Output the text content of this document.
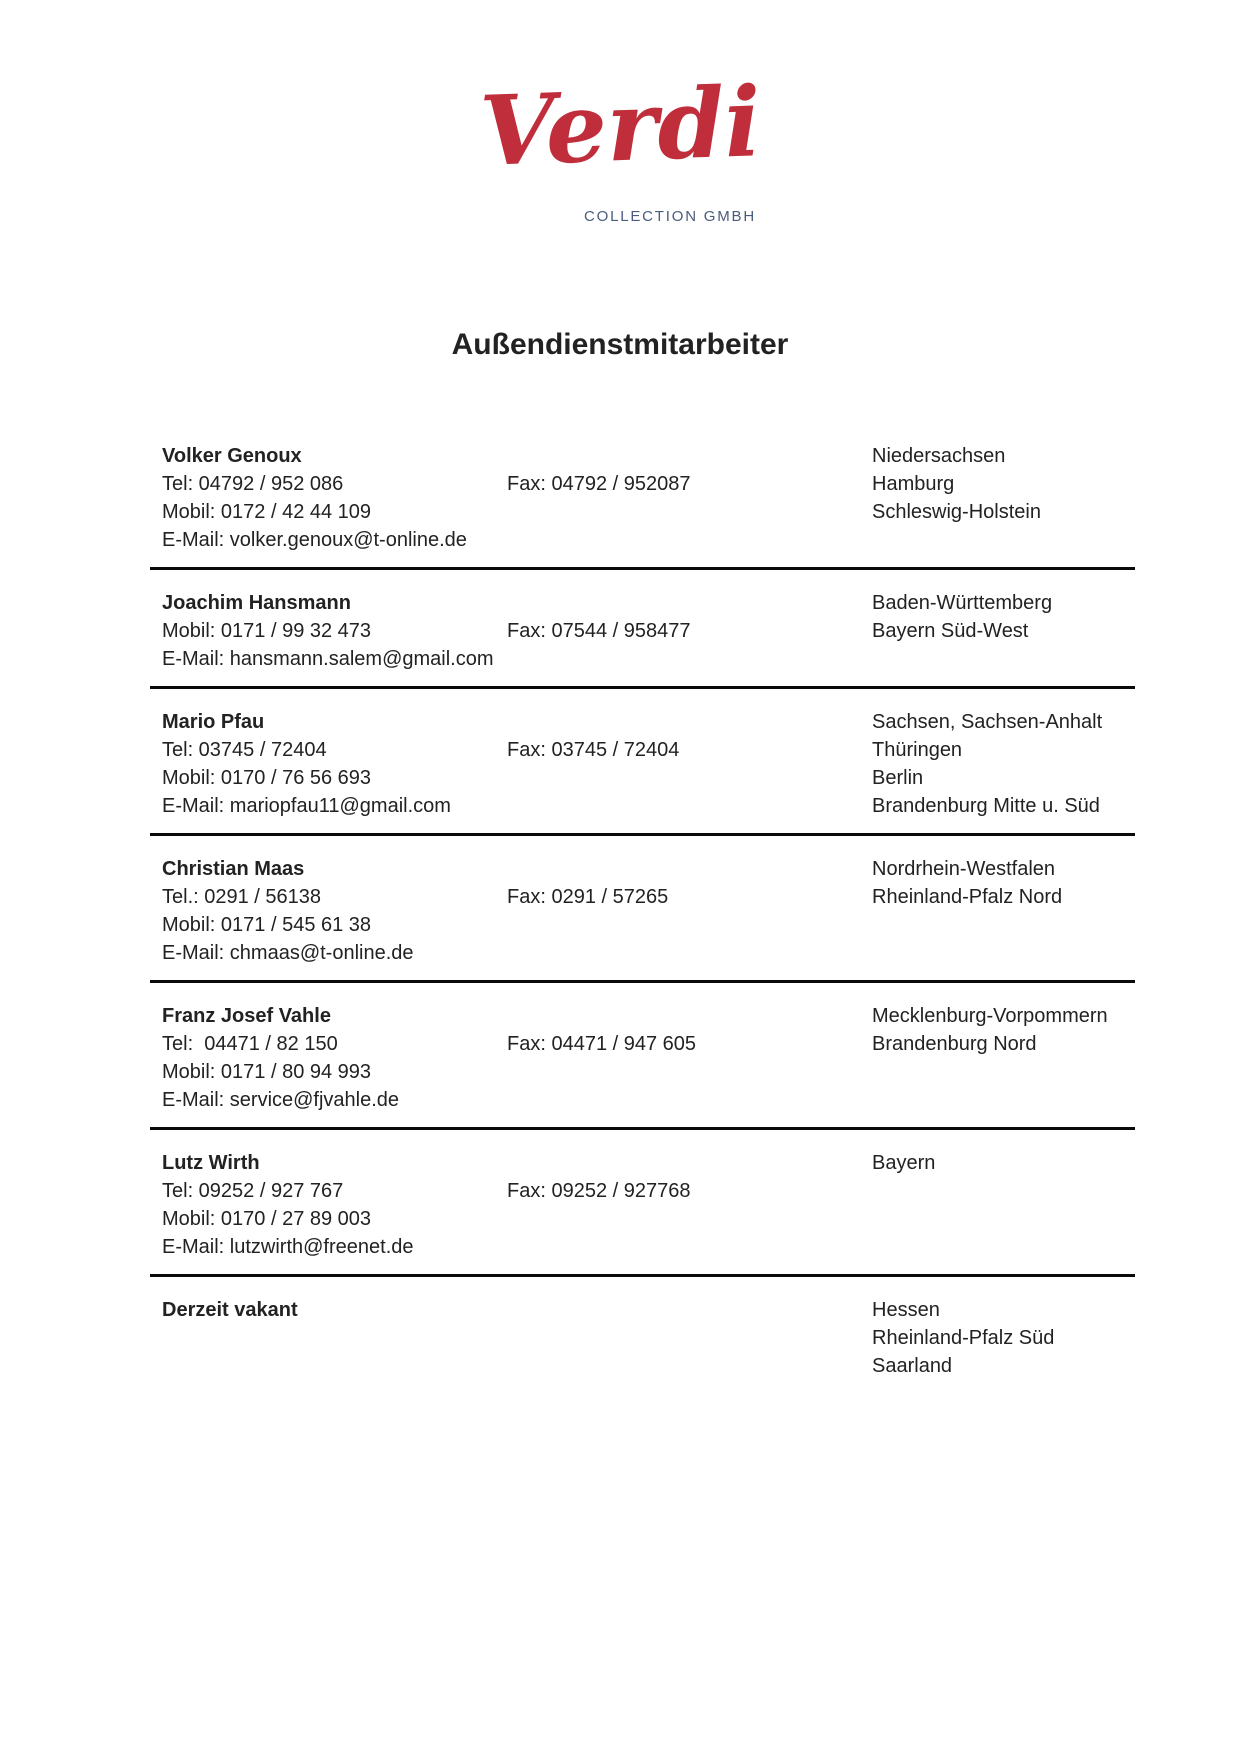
Verdi
COLLECTION GMBH
Außendienstmitarbeiter
Volker Genoux
Tel: 04792 / 952 086
Mobil: 0172 / 42 44 109
E-Mail: volker.genoux@t-online.de
Fax: 04792 / 952087
Niedersachsen
Hamburg
Schleswig-Holstein
Joachim Hansmann
Mobil: 0171 / 99 32 473
E-Mail: hansmann.salem@gmail.com
Fax: 07544 / 958477
Baden-Württemberg
Bayern Süd-West
Mario Pfau
Tel: 03745 / 72404
Mobil: 0170 / 76 56 693
E-Mail: mariopfau11@gmail.com
Fax: 03745 / 72404
Sachsen, Sachsen-Anhalt
Thüringen
Berlin
Brandenburg Mitte u. Süd
Christian Maas
Tel.: 0291 / 56138
Mobil: 0171 / 545 61 38
E-Mail: chmaas@t-online.de
Fax: 0291 / 57265
Nordrhein-Westfalen
Rheinland-Pfalz Nord
Franz Josef Vahle
Tel:  04471 / 82 150
Mobil: 0171 / 80 94 993
E-Mail: service@fjvahle.de
Fax: 04471 / 947 605
Mecklenburg-Vorpommern
Brandenburg Nord
Lutz Wirth
Tel: 09252 / 927 767
Mobil: 0170 / 27 89 003
E-Mail: lutzwirth@freenet.de
Fax: 09252 / 927768
Bayern
Derzeit vakant	Hessen
Rheinland-Pfalz Süd
Saarland
